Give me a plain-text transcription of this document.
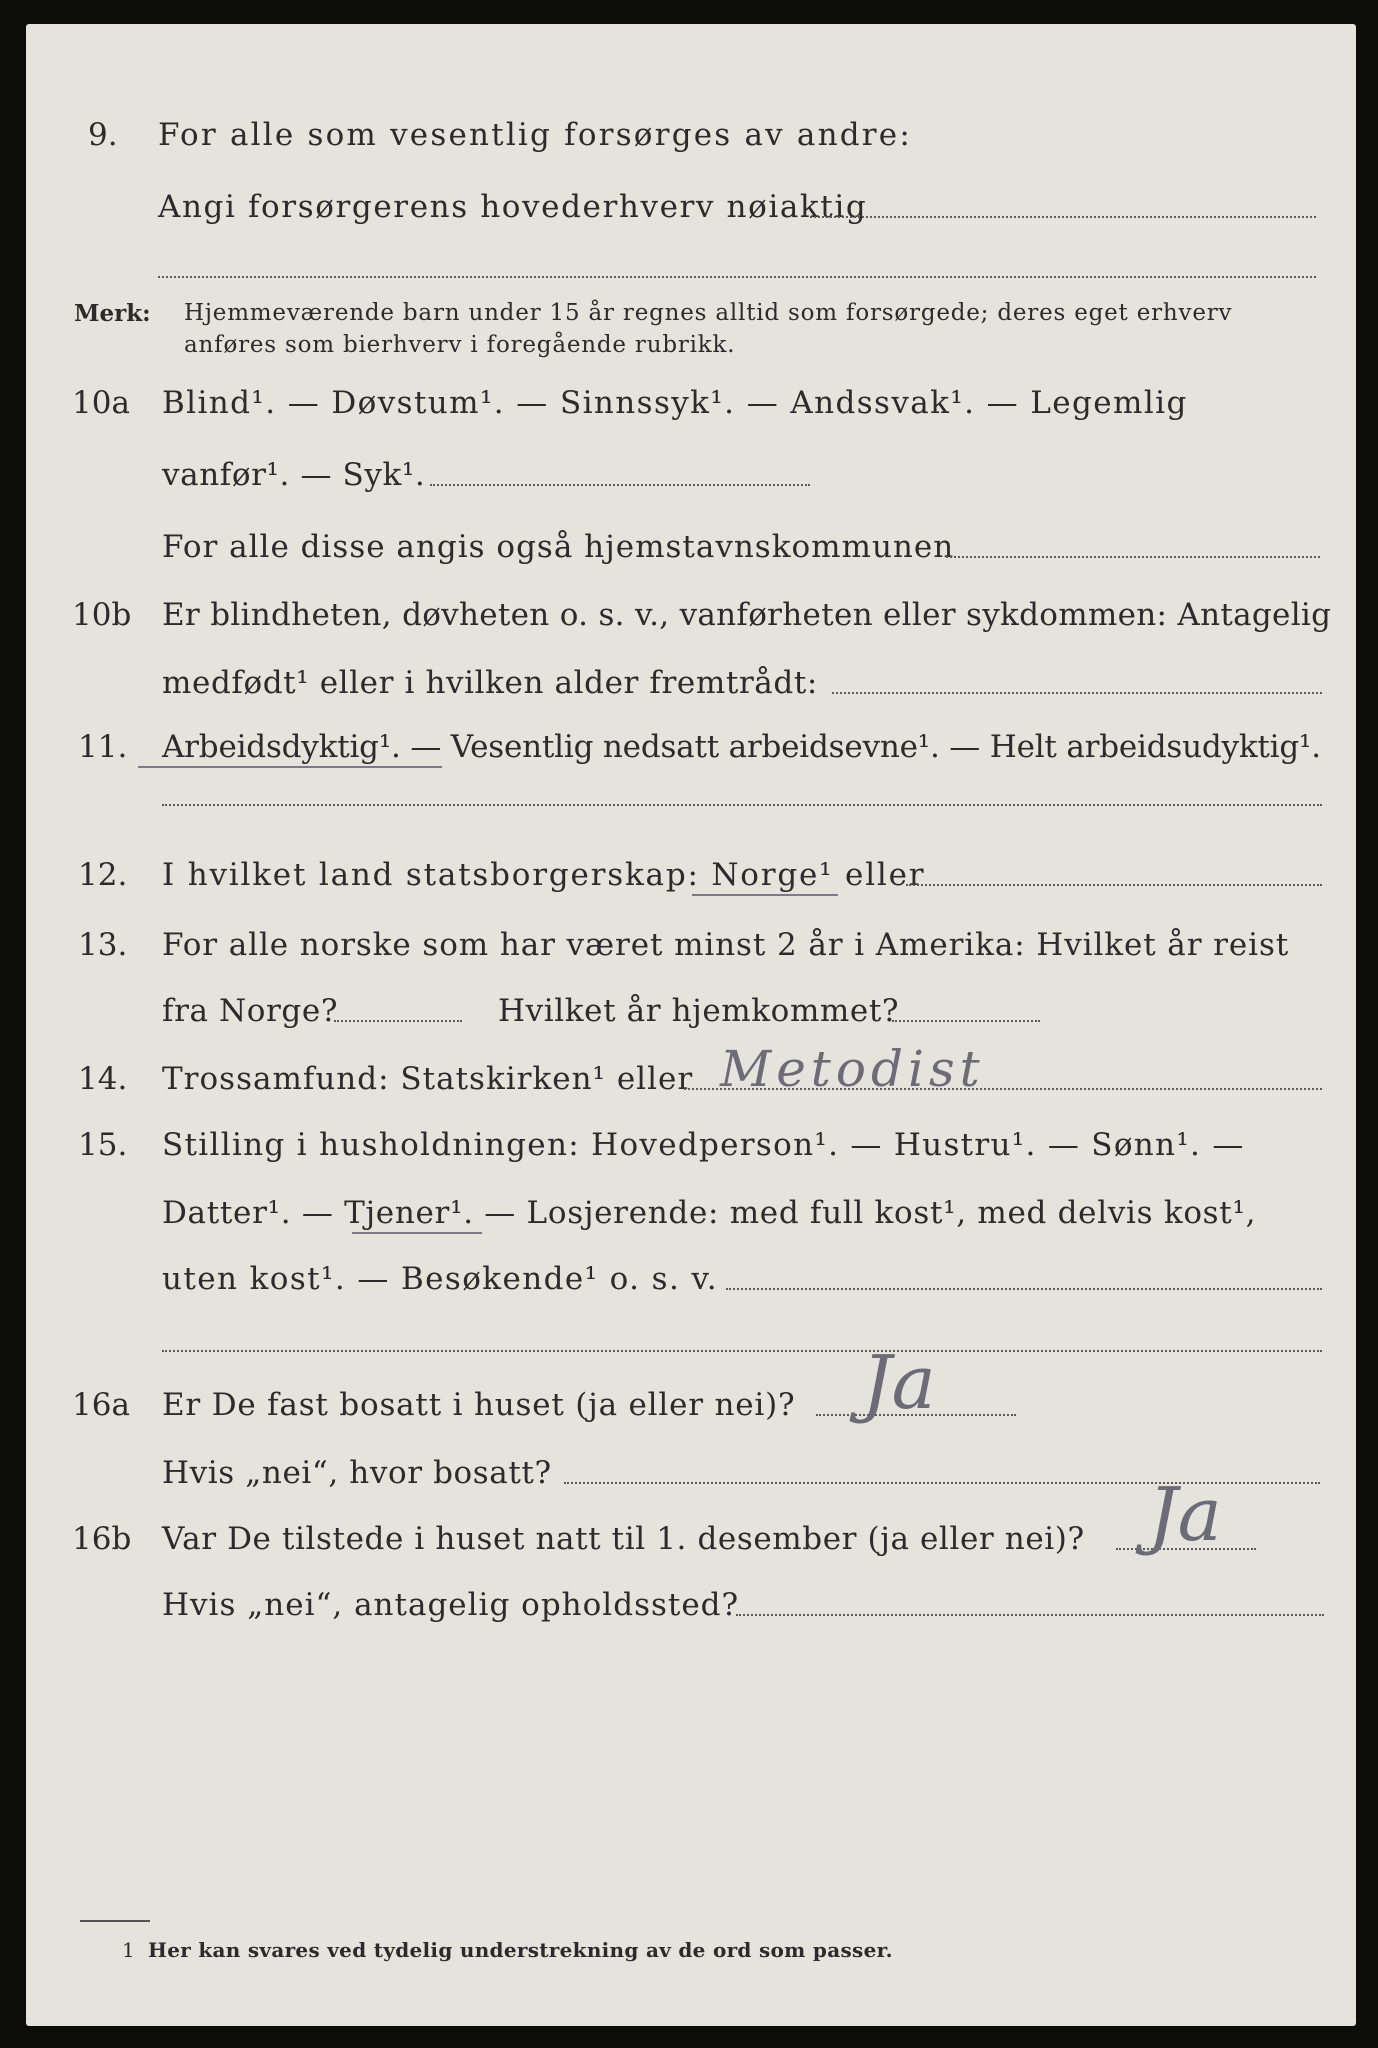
9. For alle som vesentlig forsørges av andre:
Angi forsørgerens hovederhverv nøiaktig
Merk: Hjemmeværende barn under 15 år regnes alltid som forsørgede; deres eget erhverv
anføres som bierhverv i foregående rubrikk.
10a Blind¹. — Døvstum¹. — Sinnssyk¹. — Andssvak¹. — Legemlig
vanfør¹. — Syk¹.
For alle disse angis også hjemstavnskommunen
10b Er blindheten, døvheten o. s. v., vanførheten eller sykdommen: Antagelig
medfødt¹ eller i hvilken alder fremtrådt:
11. Arbeidsdyktig¹. — Vesentlig nedsatt arbeidsevne¹. — Helt arbeidsudyktig¹.
12. I hvilket land statsborgerskap: Norge¹ eller
13. For alle norske som har været minst 2 år i Amerika: Hvilket år reist
fra Norge?	Hvilket år hjemkommet?
14. Trossamfund: Statskirken¹ eller Metodist
15. Stilling i husholdningen: Hovedperson¹. — Hustru¹. — Sønn¹. —
Datter¹. — Tjener¹. — Losjerende: med full kost¹, med delvis kost¹,
uten kost¹. — Besøkende¹ o. s. v.
16a Er De fast bosatt i huset (ja eller nei)? Ja
Hvis „nei“, hvor bosatt?
16b Var De tilstede i huset natt til 1. desember (ja eller nei)? Ja
Hvis „nei“, antagelig opholdssted?
1 Her kan svares ved tydelig understrekning av de ord som passer.
